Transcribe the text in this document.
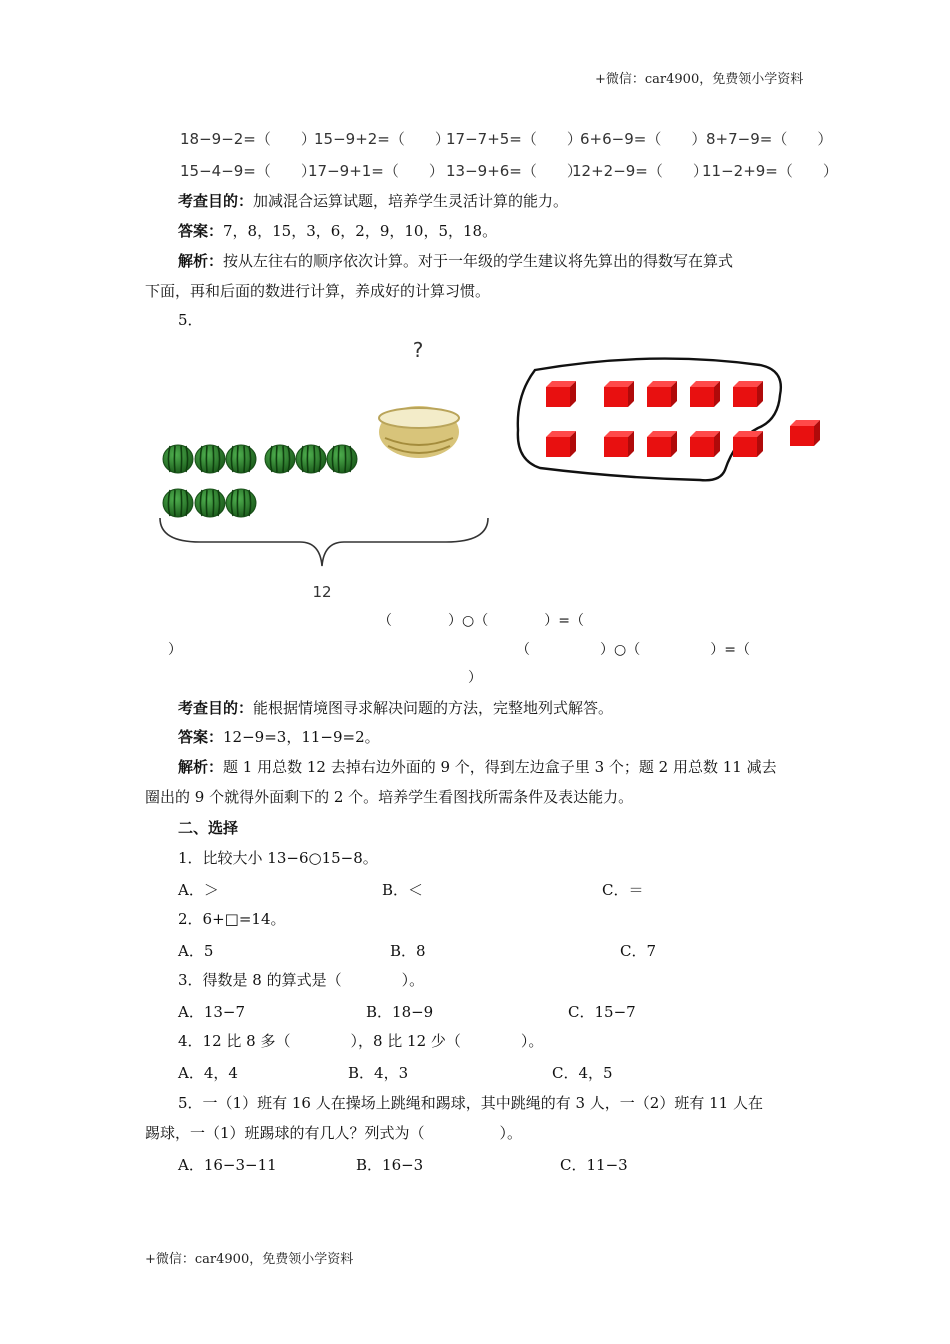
+微信：car4900，免费领小学资料
18−9−2=（　　）
15−9+2=（　　）
17−7+5=（　　）
6+6−9=（　　） 8+7−9=（　　）
15−4−9=（　　）
17−9+1=（　　） 13−9+6=（　　）
12+2−9=（　　）
11−2+9=（　　）
考查目的：加减混合运算试题，培养学生灵活计算的能力。
答案：7，8，15，3，6，2，9，10，5，18。
解析：按从左往右的顺序依次计算。对于一年级的学生建议将先算出的得数写在算式
下面，再和后面的数进行计算，养成好的计算习惯。
5．
?
12
（　　　　）○（　　　　）=（
）	（　　　　　）○（　　　　　）=（
）
考查目的：能根据情境图寻求解决问题的方法，完整地列式解答。
答案：12−9=3，11−9=2。
解析：题 1 用总数 12 去掉右边外面的 9 个，得到左边盒子里 3 个；题 2 用总数 11 减去
圈出的 9 个就得外面剩下的 2 个。培养学生看图找所需条件及表达能力。
二、选择
1．比较大小 13−6○15−8。
A．＞	B．＜	C．＝
2．6+□=14。
A．5	B．8	C．7
3．得数是 8 的算式是（　　　　）。
A．13−7	B．18−9	C．15−7
4．12 比 8 多（　　　　），8 比 12 少（　　　　）。
A．4，4	B．4，3	C．4，5
5．一（1）班有 16 人在操场上跳绳和踢球，其中跳绳的有 3 人，一（2）班有 11 人在
踢球，一（1）班踢球的有几人？列式为（　　　　　）。
A．16−3−11	B．16−3	C．11−3
+微信：car4900，免费领小学资料
